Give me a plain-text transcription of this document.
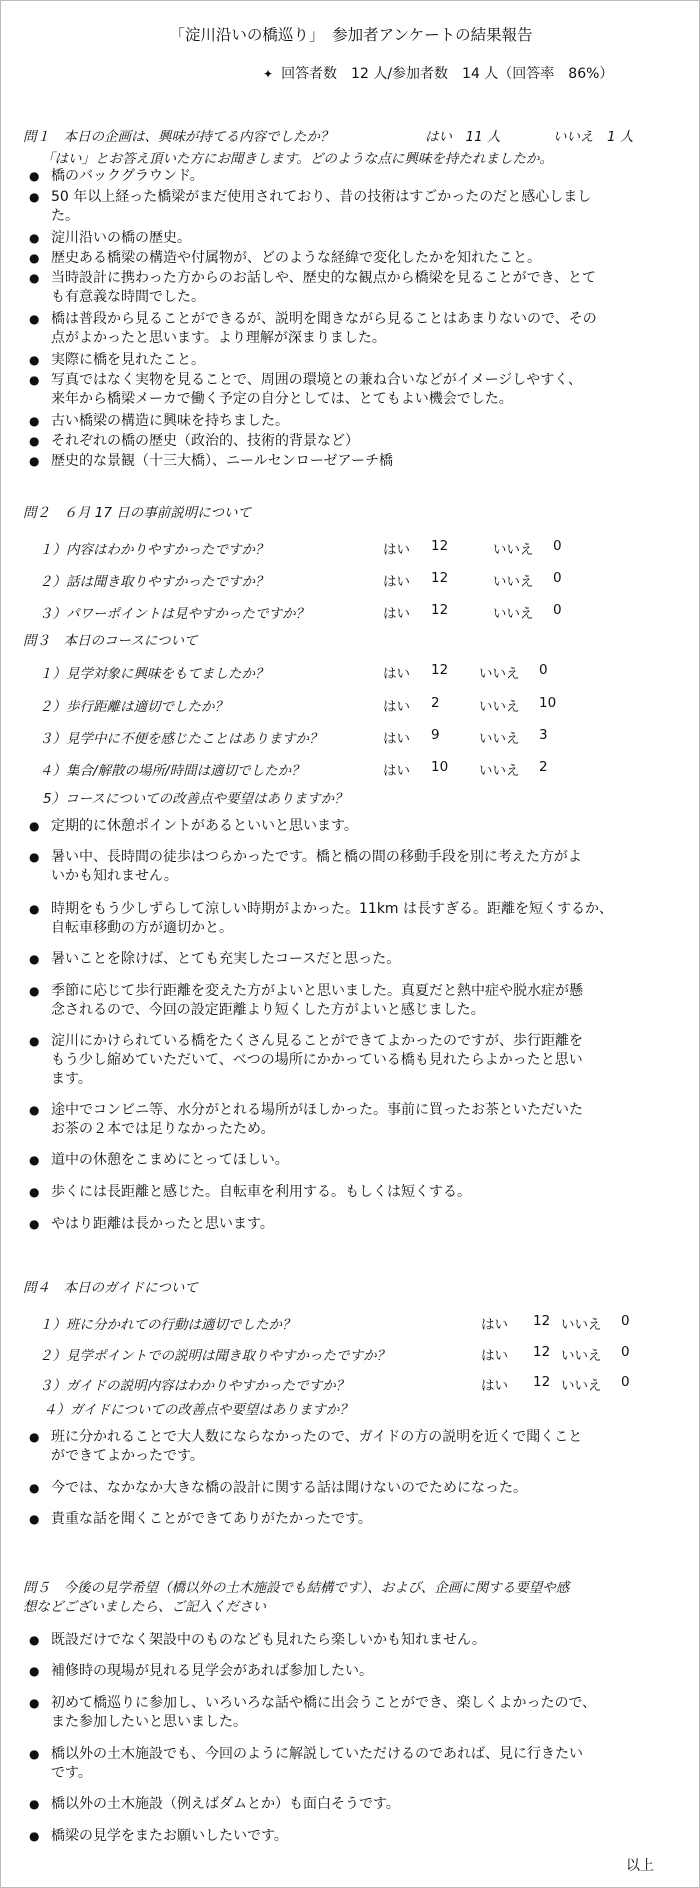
「淀川沿いの橋巡り」　参加者アンケートの結果報告
✦ 回答者数　12 人/参加者数　14 人（回答率　86%）
問１　本日の企画は、興味が持てる内容でしたか？	はい　11 人	いいえ　1 人
「はい」とお答え頂いた方にお聞きします。どのような点に興味を持たれましたか。
● 橋のバックグラウンド。
● 50 年以上経った橋梁がまだ使用されており、昔の技術はすごかったのだと感心しまし
た。
● 淀川沿いの橋の歴史。
● 歴史ある橋梁の構造や付属物が、どのような経緯で変化したかを知れたこと。
● 当時設計に携わった方からのお話しや、歴史的な観点から橋梁を見ることができ、とて
も有意義な時間でした。
● 橋は普段から見ることができるが、説明を聞きながら見ることはあまりないので、その
点がよかったと思います。より理解が深まりました。
● 実際に橋を見れたこと。
● 写真ではなく実物を見ることで、周囲の環境との兼ね合いなどがイメージしやすく、
来年から橋梁メーカで働く予定の自分としては、とてもよい機会でした。
● 古い橋梁の構造に興味を持ちました。
● それぞれの橋の歴史（政治的、技術的背景など）
● 歴史的な景観（十三大橋）、ニールセンローゼアーチ橋
問２　６月 17 日の事前説明について
１）内容はわかりやすかったですか？	はい 12	いいえ 0
２）話は聞き取りやすかったですか？	はい 12	いいえ 0
３）パワーポイントは見やすかったですか？	はい 12	いいえ 0
問３　本日のコースについて
１）見学対象に興味をもてましたか？	はい 12 いいえ 0
２）歩行距離は適切でしたか？	はい 2	いいえ 10
３）見学中に不便を感じたことはありますか？	はい 9	いいえ 3
４）集合/解散の場所/時間は適切でしたか？	はい 10 いいえ 2
5）コースについての改善点や要望はありますか？
● 定期的に休憩ポイントがあるといいと思います。
● 暑い中、長時間の徒歩はつらかったです。橋と橋の間の移動手段を別に考えた方がよ
いかも知れません。
● 時期をもう少しずらして涼しい時期がよかった。11km は長すぎる。距離を短くするか、
自転車移動の方が適切かと。
● 暑いことを除けば、とても充実したコースだと思った。
● 季節に応じて歩行距離を変えた方がよいと思いました。真夏だと熱中症や脱水症が懸
念されるので、今回の設定距離より短くした方がよいと感じました。
● 淀川にかけられている橋をたくさん見ることができてよかったのですが、歩行距離を
もう少し縮めていただいて、べつの場所にかかっている橋も見れたらよかったと思い
ます。
● 途中でコンビニ等、水分がとれる場所がほしかった。事前に買ったお茶といただいた
お茶の２本では足りなかったため。
● 道中の休憩をこまめにとってほしい。
● 歩くには長距離と感じた。自転車を利用する。もしくは短くする。
● やはり距離は長かったと思います。
問４　本日のガイドについて
１）班に分かれての行動は適切でしたか？	はい 12 いいえ 0
２）見学ポイントでの説明は聞き取りやすかったですか？	はい 12 いいえ 0
３）ガイドの説明内容はわかりやすかったですか？	はい 12 いいえ 0
４）ガイドについての改善点や要望はありますか？
● 班に分かれることで大人数にならなかったので、ガイドの方の説明を近くで聞くこと
ができてよかったです。
● 今では、なかなか大きな橋の設計に関する話は聞けないのでためになった。
● 貴重な話を聞くことができてありがたかったです。
問５　今後の見学希望（橋以外の土木施設でも結構です）、および、企画に関する要望や感
想などございましたら、ご記入ください
● 既設だけでなく架設中のものなども見れたら楽しいかも知れません。
● 補修時の現場が見れる見学会があれば参加したい。
● 初めて橋巡りに参加し、いろいろな話や橋に出会うことができ、楽しくよかったので、
また参加したいと思いました。
● 橋以外の土木施設でも、今回のように解説していただけるのであれば、見に行きたい
です。
● 橋以外の土木施設（例えばダムとか）も面白そうです。
● 橋梁の見学をまたお願いしたいです。
以上
